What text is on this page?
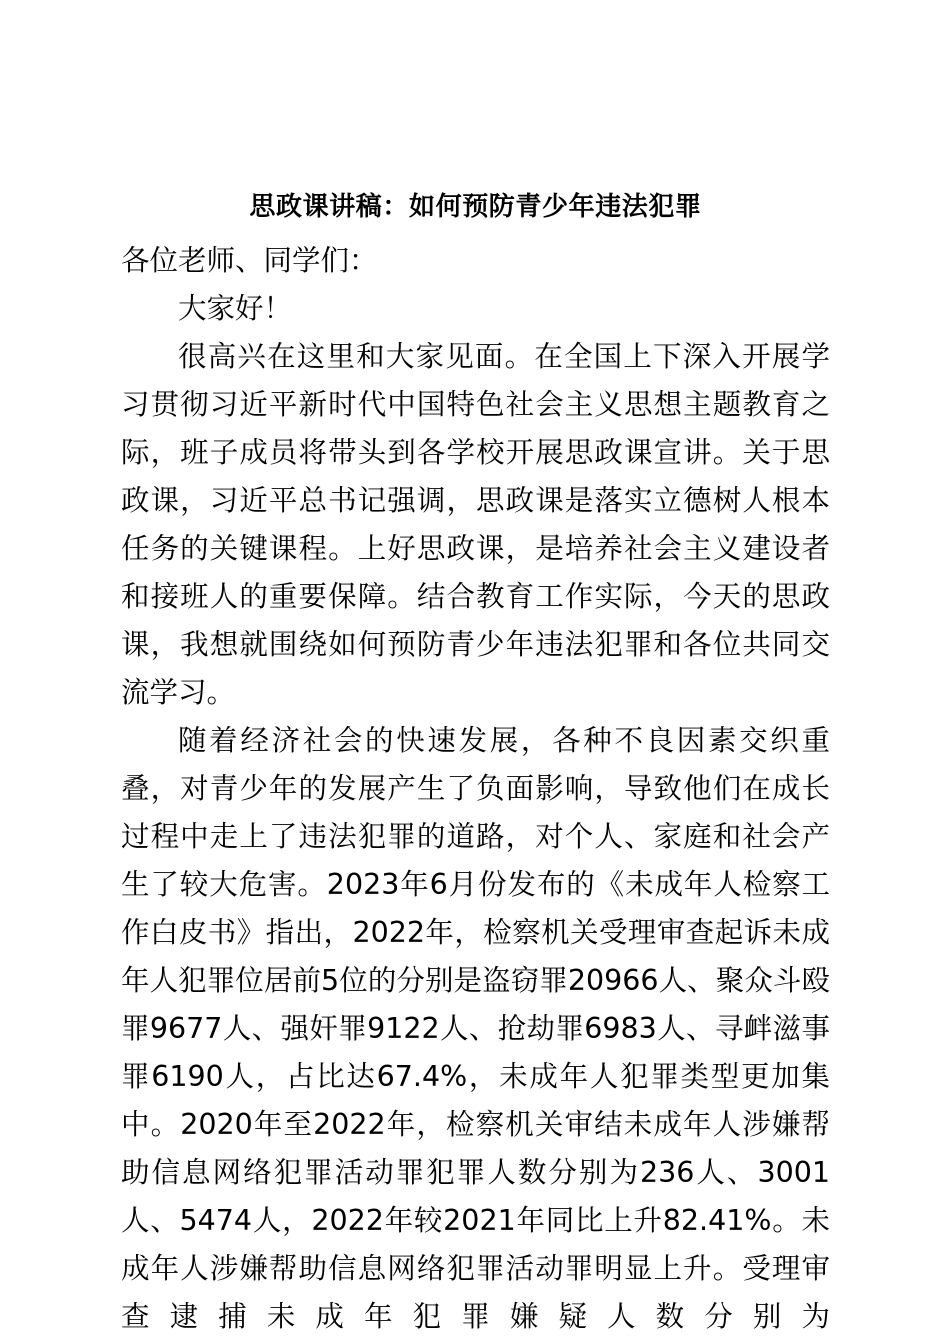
思政课讲稿：如何预防青少年违法犯罪

各位老师、同学们：

大家好！

很高兴在这里和大家见面。在全国上下深入开展学习贯彻习近平新时代中国特色社会主义思想主题教育之际，班子成员将带头到各学校开展思政课宣讲。关于思政课，习近平总书记强调，思政课是落实立德树人根本任务的关键课程。上好思政课，是培养社会主义建设者和接班人的重要保障。结合教育工作实际，今天的思政课，我想就围绕如何预防青少年违法犯罪和各位共同交流学习。

随着经济社会的快速发展，各种不良因素交织重叠，对青少年的发展产生了负面影响，导致他们在成长过程中走上了违法犯罪的道路，对个人、家庭和社会产生了较大危害。2023年6月份发布的《未成年人检察工作白皮书》指出，2022年，检察机关受理审查起诉未成年人犯罪位居前5位的分别是盗窃罪20966人、聚众斗殴罪9677人、强奸罪9122人、抢劫罪6983人、寻衅滋事罪6190人，占比达67.4%，未成年人犯罪类型更加集中。2020年至2022年，检察机关审结未成年人涉嫌帮助信息网络犯罪活动罪犯罪人数分别为236人、3001人、5474人，2022年较2021年同比上升82.41%。未成年人涉嫌帮助信息网络犯罪活动罪明显上升。受理审查逮捕未成年犯罪嫌疑人数分别为
